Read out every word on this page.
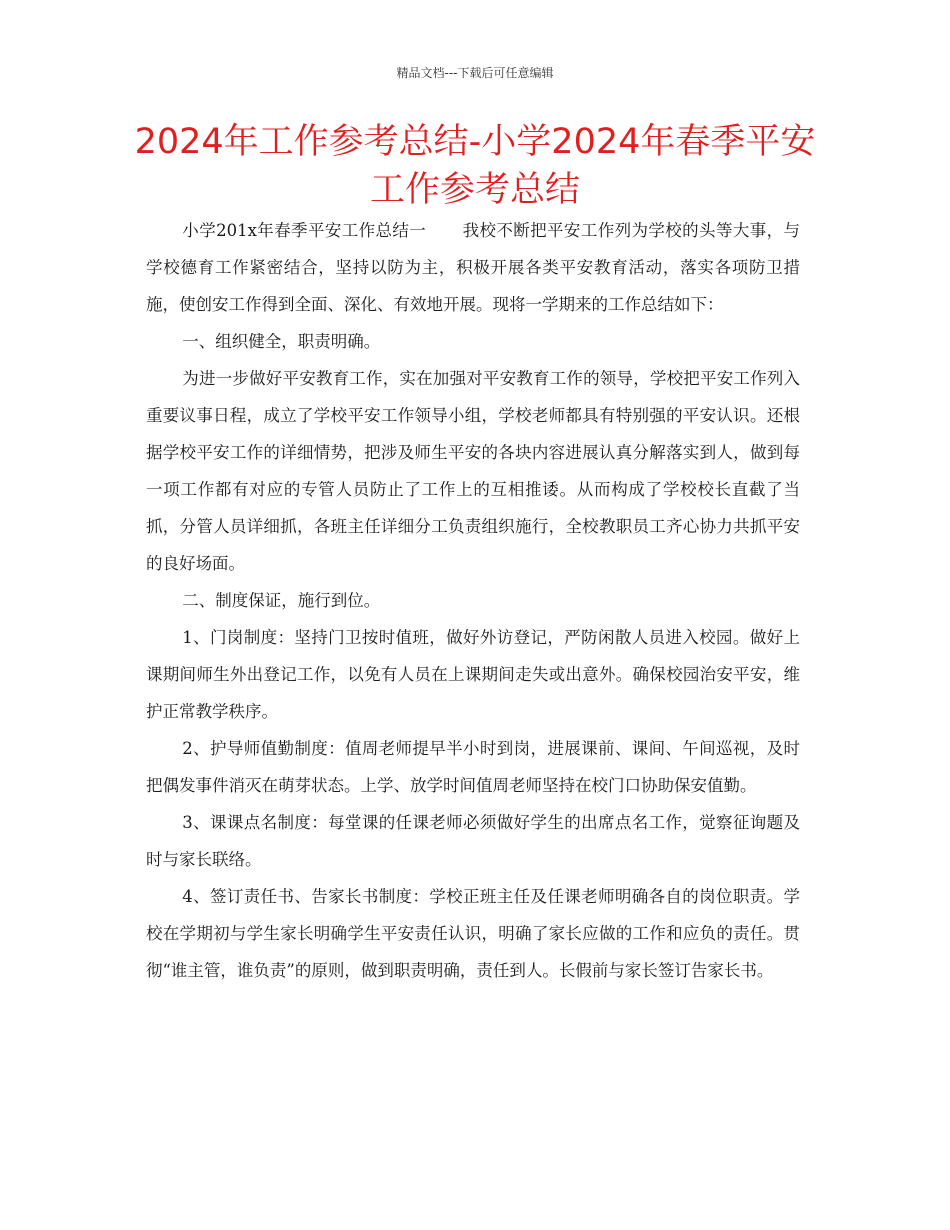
精品文档---下载后可任意编辑
2024年工作参考总结-小学2024年春季平安工作参考总结

小学201x年春季平安工作总结一 我校不断把平安工作列为学校的头等大事，与学校德育工作紧密结合，坚持以防为主，积极开展各类平安教育活动，落实各项防卫措施，使创安工作得到全面、深化、有效地开展。现将一学期来的工作总结如下：

一、组织健全，职责明确。

为进一步做好平安教育工作，实在加强对平安教育工作的领导，学校把平安工作列入重要议事日程，成立了学校平安工作领导小组，学校老师都具有特别强的平安认识。还根据学校平安工作的详细情势，把涉及师生平安的各块内容进展认真分解落实到人，做到每一项工作都有对应的专管人员防止了工作上的互相推诿。从而构成了学校校长直截了当抓，分管人员详细抓，各班主任详细分工负责组织施行，全校教职员工齐心协力共抓平安的良好场面。

二、制度保证，施行到位。

1、门岗制度：坚持门卫按时值班，做好外访登记，严防闲散人员进入校园。做好上课期间师生外出登记工作，以免有人员在上课期间走失或出意外。确保校园治安平安，维护正常教学秩序。

2、护导师值勤制度：值周老师提早半小时到岗，进展课前、课间、午间巡视，及时把偶发事件消灭在萌芽状态。上学、放学时间值周老师坚持在校门口协助保安值勤。

3、课课点名制度：每堂课的任课老师必须做好学生的出席点名工作，觉察征询题及时与家长联络。

4、签订责任书、告家长书制度：学校正班主任及任课老师明确各自的岗位职责。学校在学期初与学生家长明确学生平安责任认识，明确了家长应做的工作和应负的责任。贯彻“谁主管，谁负责”的原则，做到职责明确，责任到人。长假前与家长签订告家长书。
